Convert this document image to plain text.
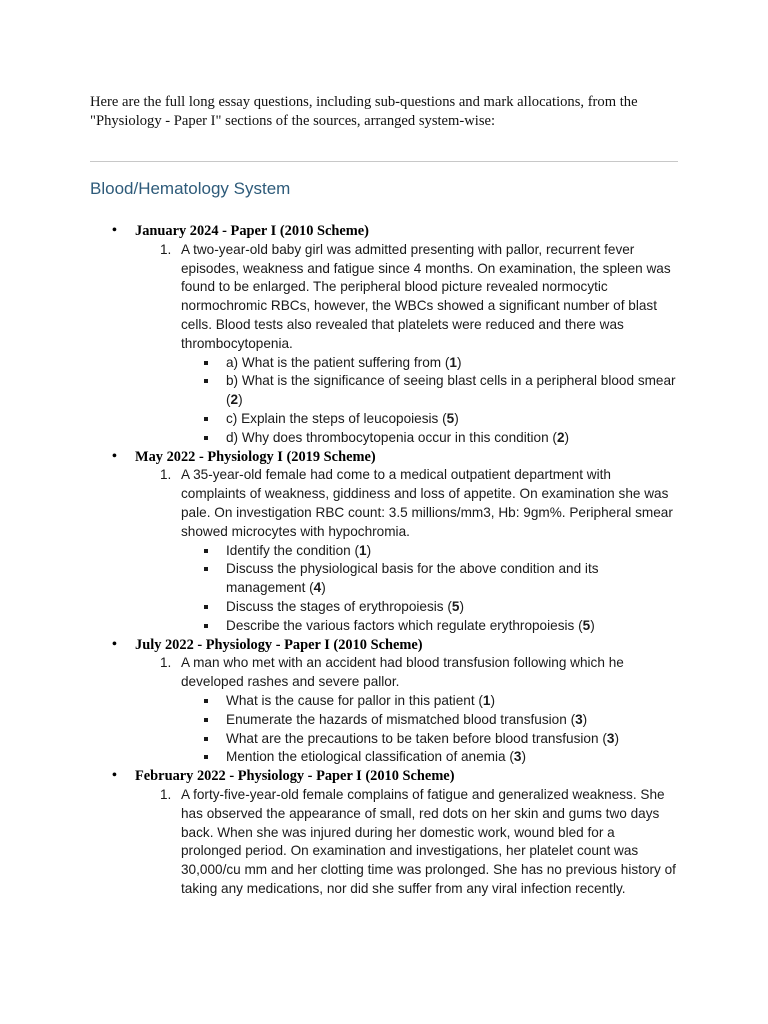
Here are the full long essay questions, including sub-questions and mark allocations, from the "Physiology - Paper I" sections of the sources, arranged system-wise:
Blood/Hematology System
• January 2024 - Paper I (2010 Scheme)
1. A two-year-old baby girl was admitted presenting with pallor, recurrent fever episodes, weakness and fatigue since 4 months. On examination, the spleen was found to be enlarged. The peripheral blood picture revealed normocytic normochromic RBCs, however, the WBCs showed a significant number of blast cells. Blood tests also revealed that platelets were reduced and there was thrombocytopenia.
a) What is the patient suffering from (1)
b) What is the significance of seeing blast cells in a peripheral blood smear (2)
c) Explain the steps of leucopoiesis (5)
d) Why does thrombocytopenia occur in this condition (2)
• May 2022 - Physiology I (2019 Scheme)
1. A 35-year-old female had come to a medical outpatient department with complaints of weakness, giddiness and loss of appetite. On examination she was pale. On investigation RBC count: 3.5 millions/mm3, Hb: 9gm%. Peripheral smear showed microcytes with hypochromia.
Identify the condition (1)
Discuss the physiological basis for the above condition and its management (4)
Discuss the stages of erythropoiesis (5)
Describe the various factors which regulate erythropoiesis (5)
• July 2022 - Physiology - Paper I (2010 Scheme)
1. A man who met with an accident had blood transfusion following which he developed rashes and severe pallor.
What is the cause for pallor in this patient (1)
Enumerate the hazards of mismatched blood transfusion (3)
What are the precautions to be taken before blood transfusion (3)
Mention the etiological classification of anemia (3)
• February 2022 - Physiology - Paper I (2010 Scheme)
1. A forty-five-year-old female complains of fatigue and generalized weakness. She has observed the appearance of small, red dots on her skin and gums two days back. When she was injured during her domestic work, wound bled for a prolonged period. On examination and investigations, her platelet count was 30,000/cu mm and her clotting time was prolonged. She has no previous history of taking any medications, nor did she suffer from any viral infection recently.
